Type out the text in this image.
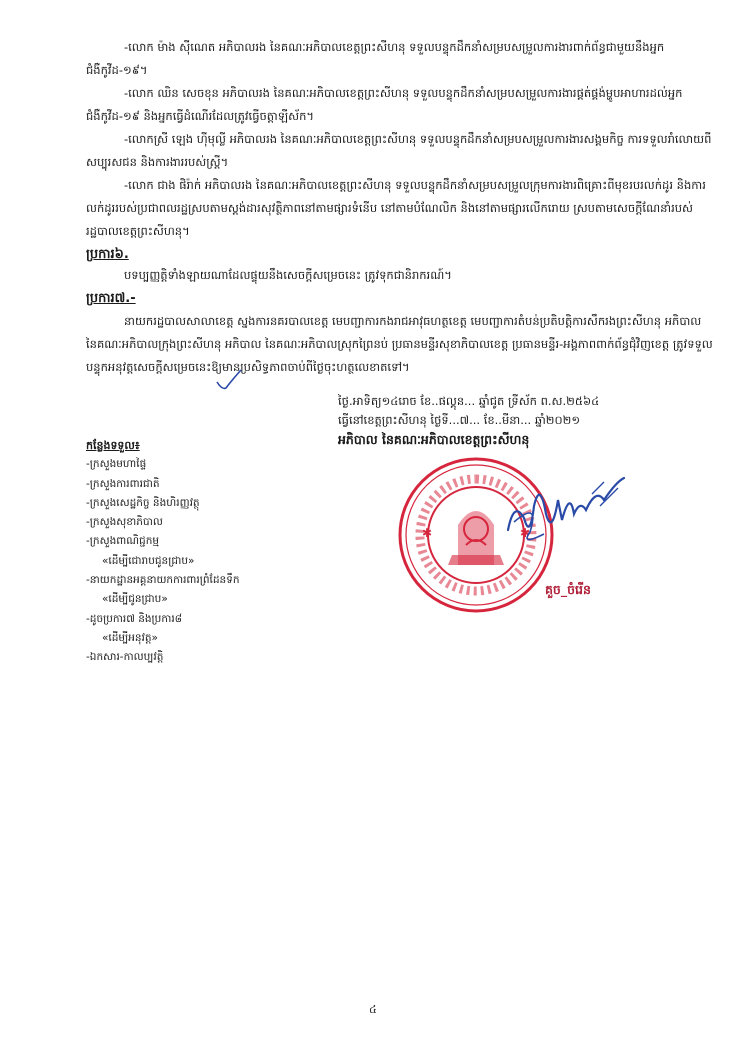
-លោក ម៉ាង ស៊ីណេត អភិបាលរង នៃគណៈអភិបាលខេត្តព្រះសីហនុ ទទួលបន្ទុកដឹកនាំសម្របសម្រួលការងារពាក់ព័ន្ធជាមួយនឹងអ្នកជំងឺកូវីដ-១៩។
-លោក ឈិន សេចខុន អភិបាលរង នៃគណៈអភិបាលខេត្តព្រះសីហនុ ទទួលបន្ទុកដឹកនាំសម្របសម្រួលការងារផ្គត់ផ្គង់ម្ហូបអាហារដល់អ្នកជំងឺកូវីដ-១៩ និងអ្នកធ្វើដំណើរដែលត្រូវធ្វើចត្តាឡីស័ក។
-លោកស្រី ឡេង ហ៊ីមុល្លី អភិបាលរង នៃគណៈអភិបាលខេត្តព្រះសីហនុ ទទួលបន្ទុកដឹកនាំសម្របសម្រួលការងារសង្គមកិច្ច ការទទួលរាំលោយពីសប្បុរសជន និងការងាររបស់ស្ត្រី។
-លោក ជាង ផិរ៉ាក់ អភិបាលរង នៃគណៈអភិបាលខេត្តព្រះសីហនុ ទទួលបន្ទុកដឹកនាំសម្របសម្រួលក្រុមការងារពិគ្រោះពីមុខរបរលក់ដូរ និងការលក់ដូររបស់ប្រជាពលរដ្ឋស្របតាមស្តង់ដារសុវត្ថិភាពនៅតាមផ្សារទំនើប នៅតាមបំណែលិក និងនៅតាមផ្សារលើករោយ ស្របតាមសេចក្តីណែនាំរបស់រដ្ឋបាលខេត្តព្រះសីហនុ។
ប្រការ៦.
បទប្បញ្ញត្តិទាំងឡាយណាដែលផ្ទុយនឹងសេចក្តីសម្រេចនេះ ត្រូវទុកជានិរាករណ៍។
ប្រការ៧.-
នាយករដ្ឋបាលសាលាខេត្ត ស្នងការនគរបាលខេត្ត មេបញ្ជាការកងរាជអាវុធហត្ថខេត្ត មេបញ្ជាការតំបន់ប្រតិបត្តិការសឹករងព្រះសីហនុ អភិបាល នៃគណៈអភិបាលក្រុងព្រះសីហនុ អភិបាល នៃគណៈអភិបាលស្រុកព្រៃនប់ ប្រធានមន្ទីរសុខាភិបាលខេត្ត ប្រធានមន្ទីរ-អង្គភាពពាក់ព័ន្ធជុំវិញខេត្ត ត្រូវទទួលបន្ទុកអនុវត្តសេចក្តីសម្រេចនេះឱ្យមានប្រសិទ្ធភាពចាប់ពីថ្ងៃចុះហត្ថលេខាតទៅ។
ថ្ងៃ.អាទិត្យ១៤រោច ខែ..ផល្គុន... ឆ្នាំជូត ទ្រីស័ក ព.ស.២៥៦៤
ធ្វើនៅខេត្តព្រះសីហនុ ថ្ងៃទី...៧... ខែ..មីនា... ឆ្នាំ២០២១
អភិបាល នៃគណៈអភិបាលខេត្តព្រះសីហនុ
កន្លែងទទួល៖
-ក្រសួងមហាផ្ទៃ
-ក្រសួងការពារជាតិ
-ក្រសួងសេដ្ឋកិច្ច និងហិរញ្ញវត្ថុ
-ក្រសួងសុខាភិបាល
-ក្រសួងពាណិជ្ជកម្ម
«ដើម្បីជោរាបជូនជ្រាប»
-នាយកដ្ឋានអគ្គនាយកការពារព្រំដែនទឹក
«ដើម្បីជូនជ្រាប»
-ដូចប្រការ៧ និងប្រការ៨
«ដើម្បីអនុវត្ត»
-ឯកសារ-កាលប្បវត្តិ
✱	✱
គួច_ចំរើន
៤
